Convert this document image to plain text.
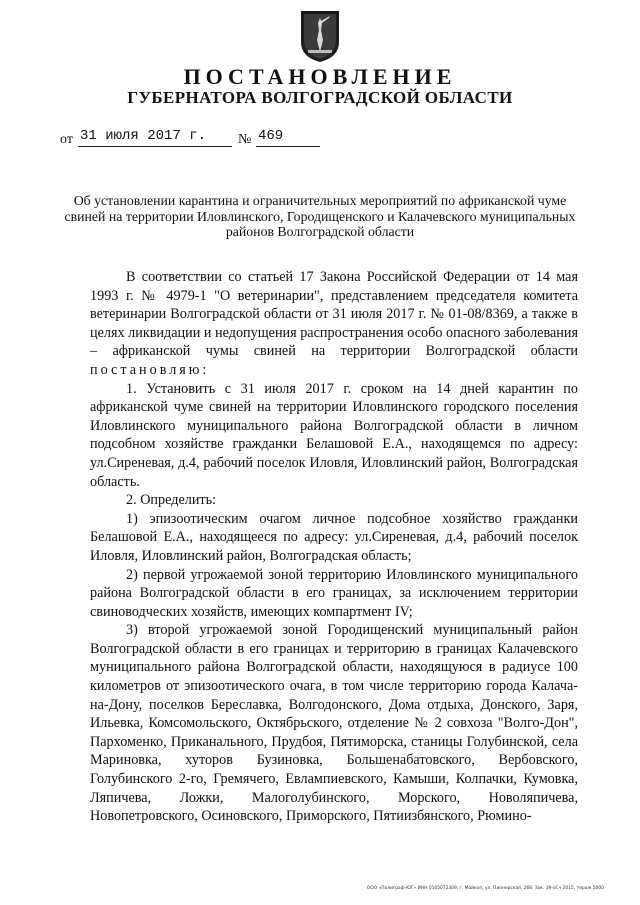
ПОСТАНОВЛЕНИЕ
ГУБЕРНАТОРА ВОЛГОГРАДСКОЙ ОБЛАСТИ
от 31 июля 2017 г.	№ 469
Об установлении карантина и ограничительных мероприятий по африканской чуме свиней на территории Иловлинского, Городищенского и Калачевского муниципальных районов Волгоградской области

В соответствии со статьей 17 Закона Российской Федерации от 14 мая 1993 г. № 4979-1 "О ветеринарии", представлением председателя комитета ветеринарии Волгоградской области от 31 июля 2017 г. № 01-08/8369, а также в целях ликвидации и недопущения распространения особо опасного заболевания – африканской чумы свиней на территории Волгоградской области постановляю:

1. Установить с 31 июля 2017 г. сроком на 14 дней карантин по африканской чуме свиней на территории Иловлинского городского поселения Иловлинского муниципального района Волгоградской области в личном подсобном хозяйстве гражданки Белашовой Е.А., находящемся по адресу: ул.Сиреневая, д.4, рабочий поселок Иловля, Иловлинский район, Волгоградская область.

2. Определить:

1) эпизоотическим очагом личное подсобное хозяйство гражданки Белашовой Е.А., находящееся по адресу: ул.Сиреневая, д.4, рабочий поселок Иловля, Иловлинский район, Волгоградская область;

2) первой угрожаемой зоной территорию Иловлинского муниципального района Волгоградской области в его границах, за исключением территории свиноводческих хозяйств, имеющих компартмент IV;

3) второй угрожаемой зоной Городищенский муниципальный район Волгоградской области в его границах и территорию в границах Калачевского муниципального района Волгоградской области, находящуюся в радиусе 100 километров от эпизоотического очага, в том числе территорию города Калача-на-Дону, поселков Береславка, Волгодонского, Дома отдыха, Донского, Заря, Ильевка, Комсомольского, Октябрьского, отделение № 2 совхоза "Волго-Дон", Пархоменко, Приканального, Прудбоя, Пятиморска, станицы Голубинской, села Мариновка, хуторов Бузиновка, Большенабатовского, Вербовского, Голубинского 2-го, Гремячего, Евлампиевского, Камыши, Колпачки, Кумовка, Ляпичева, Ложки, Малоголубинского, Морского, Новоляпичева, Новопетровского, Осиновского, Приморского, Пятиизбянского, Рюмино-

ООО «Полиграф-ЮГ» ИНН 0105072309, г. Майкоп, ул. Пионерская, 268. Зак. 39-оСч 2015, тираж 5000
